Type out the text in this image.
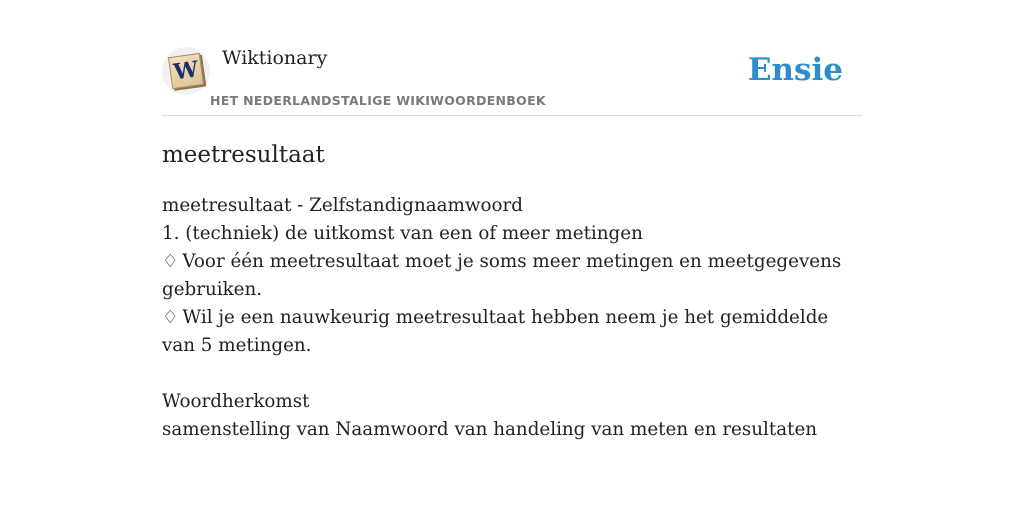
W Wiktionary
HET NEDERLANDSTALIGE WIKIWOORDENBOEK
Ensie
meetresultaat
meetresultaat - Zelfstandignaamwoord
1. (techniek) de uitkomst van een of meer metingen
♢ Voor één meetresultaat moet je soms meer metingen en meetgegevens gebruiken.
♢ Wil je een nauwkeurig meetresultaat hebben neem je het gemiddelde van 5 metingen.
Woordherkomst
samenstelling van Naamwoord van handeling van meten en resultaten
